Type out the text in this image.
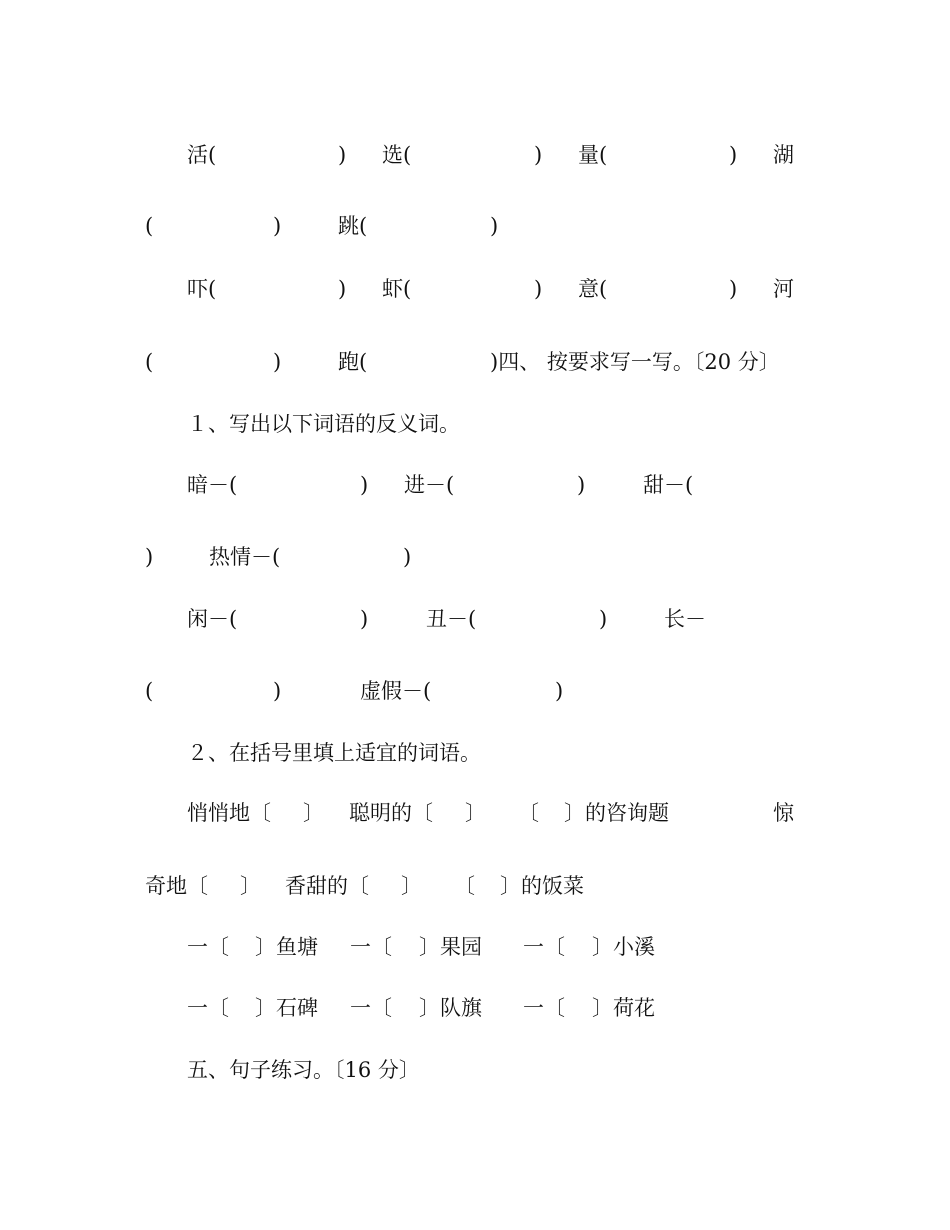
活(	) 选(	) 量(	) 湖
(	)	跳(	)
吓(	) 虾(	) 意(	) 河
(	)	跑(	)四、 按要求写一写。〔20 分〕
１、写出以下词语的反义词。
暗－(	) 进－(	)	甜－(
)	热情－(	)
闲－(	)	丑－(	)	长－
(	)	虚假－(	)
２、在括号里填上适宜的词语。
悄悄地〔 〕 聪明的〔 〕 〔 〕的咨询题	惊
奇地〔 〕 香甜的〔 〕 〔 〕的饭菜
一〔 〕鱼塘 一〔 〕果园 一〔 〕小溪
一〔 〕石碑 一〔 〕队旗 一〔 〕荷花
五、句子练习。〔16 分〕
